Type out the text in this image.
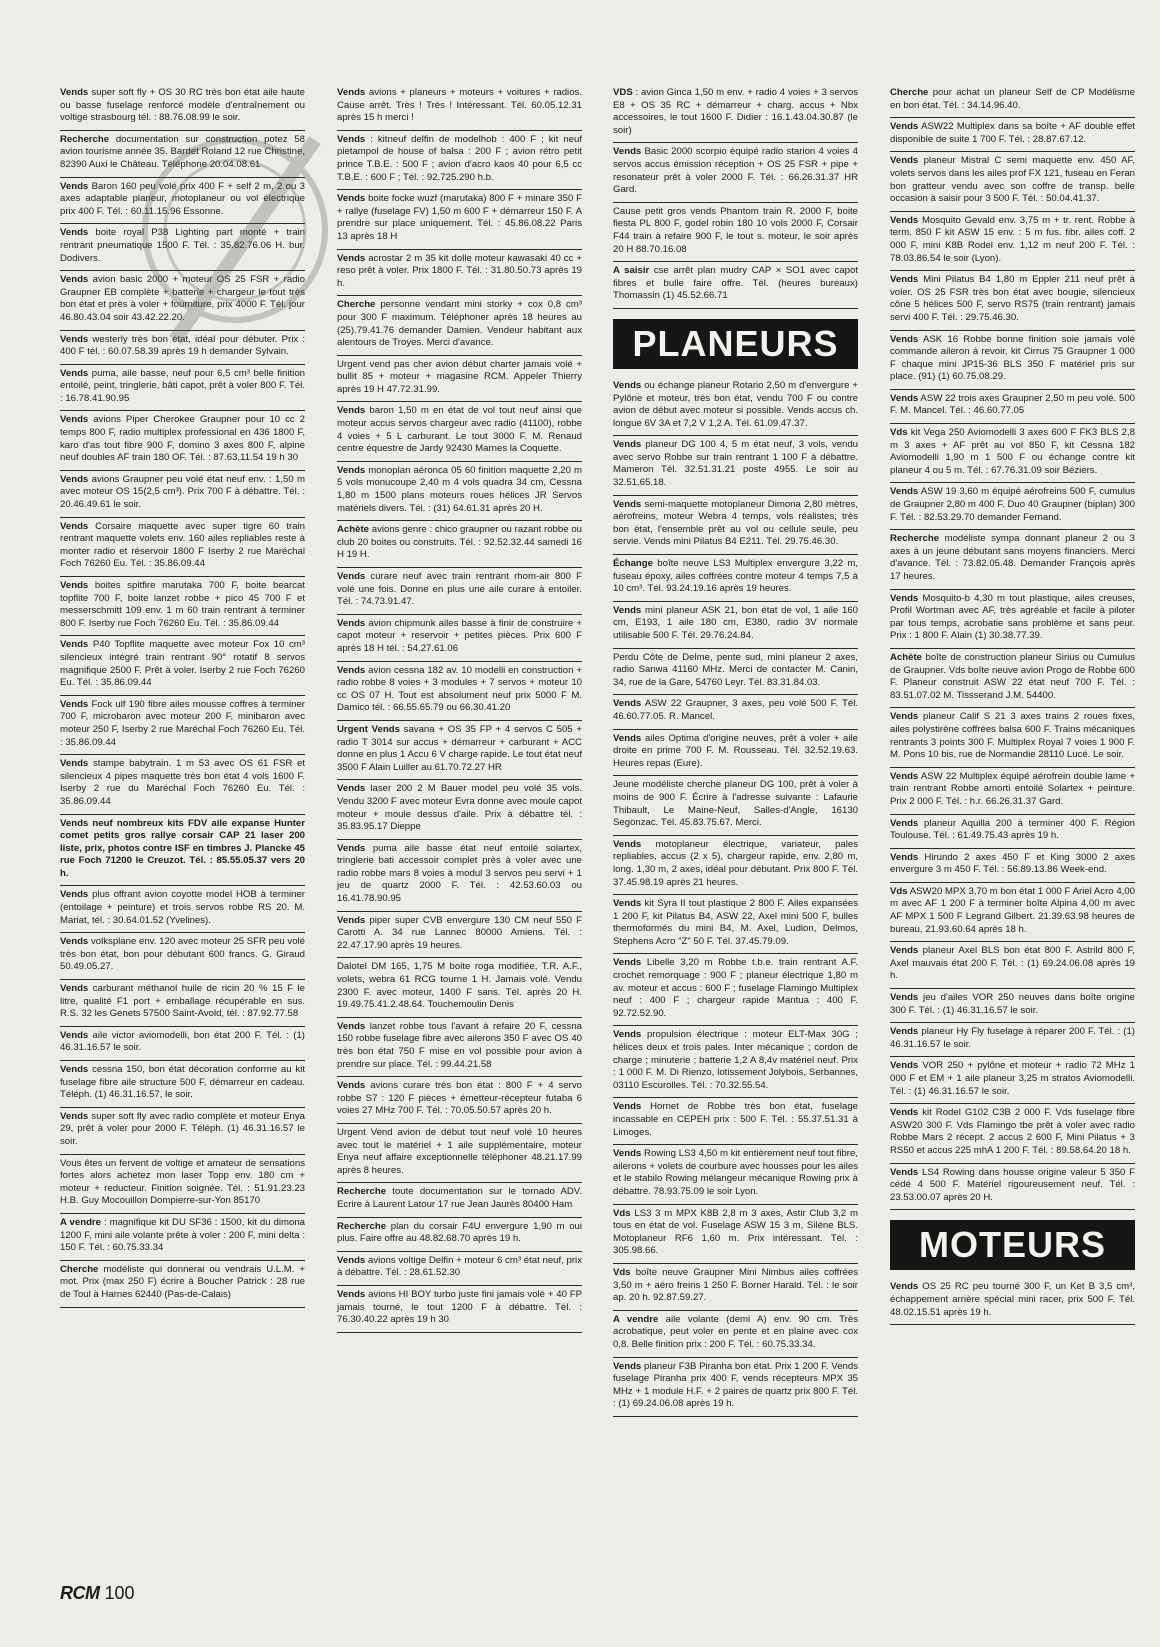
Vends super soft fly + OS 30 RC très bon état aile haute ou basse fuselage renforcé modèle d'entraînement ou voltige strasbourg tél. : 88.76.08.99 le soir.
Recherche documentation sur construction potez 58 avion tourisme année 35. Bardet Roland 12 rue Christine, 82390 Auxi le Château. Téléphone 20.04.08.61
Vends Baron 160 peu volé prix 400 F + self 2 m, 2 ou 3 axes adaptable planeur, motoplaneur ou vol électrique prix 400 F. Tél. : 60.11.15.96 Essonne.
Vends boite royal P38 Lighting part monté + train rentrant pneumatique 1500 F. Tél. : 35.82.76.06 H. bur. Dodivers.
Vends avion basic 2000 + moteur OS 25 FSR + radio Graupner EB complète + batterie + chargeur le tout très bon état et près à voler + fourniture, prix 4000 F. Tél. jour 46.80.43.04 soir 43.42.22.20.
Vends westerly très bon état, idéal pour débuter. Prix : 400 F tél. : 60.07.58.39 après 19 h demander Sylvain.
Vends puma, aile basse, neuf pour 6,5 cm³ belle finition entoilé, peint, tringlerie, bâti capot, prêt à voler 800 F. Tél. : 16.78.41.90.95
Vends avions Piper Cherokee Graupner pour 10 cc 2 temps 800 F, radio multiplex professional en 436 1800 F, karo d'as tout fibre 900 F, domino 3 axes 800 F, alpine neuf doubles AF train 180 OF. Tél. : 87.63.11.54 19 h 30
Vends avions Graupner peu volé état neuf env. : 1,50 m avec moteur OS 15(2,5 cm³). Prix 700 F à débattre. Tél. : 20.46.49.61 le soir.
Vends Corsaire maquette avec super tigre 60 train rentrant maquette volets env. 160 ailes repliables reste à monter radio et réservoir 1800 F Iserby 2 rue Maréchal Foch 76260 Eu. Tél. : 35.86.09.44
Vends boites spitfire marutaka 700 F, boite bearcat topflite 700 F, boite lanzet robbe + pico 45 700 F et messerschmitt 109 env. 1 m 60 train rentrant à terminer 800 F. Iserby rue Foch 76260 Eu. Tél. : 35.86.09.44
Vends P40 Topflite maquette avec moteur Fox 10 cm³ silencieux intégré train rentrant 90° rotatif 8 servos magnifique 2500 F. Prêt à voler. Iserby 2 rue Foch 76260 Eu. Tél. : 35.86.09.44
Vends Fock ulf 190 fibre ailes mousse coffres à terminer 700 F, microbaron avec moteur 200 F, minibaron avec moteur 250 F, Iserby 2 rue Maréchal Foch 76260 Eu. Tél. : 35.86.09.44
Vends stampe babytrain. 1 m 53 avec OS 61 FSR et silencieux 4 pipes maquette très bon état 4 vols 1600 F. Iserby 2 rue du Maréchal Foch 76260 Eu. Tél. : 35.86.09.44
Vends neuf nombreux kits FDV aile expanse Hunter comet petits gros rallye corsair CAP 21 laser 200 liste, prix, photos contre ISF en timbres J. Plancke 45 rue Foch 71200 le Creuzot. Tél. : 85.55.05.37 vers 20 h.
Vends plus offrant avion coyotte model HOB à terminer (entoilage + peinture) et trois servos robbe RS 20. M. Mariat, tél. : 30.64.01.52 (Yvelines).
Vends volksplane env. 120 avec moteur 25 SFR peu volé très bon état, bon pour débutant 600 francs. G. Giraud 50.49.05.27.
Vends carburant méthanol huile de ricin 20 % 15 F le litre, qualité F1 port + emballage récupérable en sus. R.S. 32 les Genets 57500 Saint-Avold, tél. : 87.92.77.58
Vends aile victor aviomodelli, bon état 200 F. Tél. : (1) 46.31.16.57 le soir.
Vends cessna 150, bon état décoration conforme au kit fuselage fibre aile structure 500 F, démarreur en cadeau. Téléph. (1) 46.31.16.57, le soir.
Vends super soft fly avec radio complète et moteur Enya 29, prêt à voler pour 2000 F. Téléph. (1) 46.31.16.57 le soir.
Vous êtes un fervent de voltige et amateur de sensations fortes alors achetez mon laser Topp env. 180 cm + moteur + reducteur. Finition soignée. Tél. : 51.91.23.23 H.B. Guy Mocouillon Dompierre-sur-Yon 85170
A vendre : magnifique kit DU SF36 : 1500, kit du dimona 1200 F, mini aile volante prête à voler : 200 F, mini delta : 150 F. Tél. : 60.75.33.34
Cherche modéliste qui donnerai ou vendrais U.L.M. + mot. Prix (max 250 F) écrire à Boucher Patrick : 28 rue de Toul à Harnes 62440 (Pas-de-Calais)
Vends avions + planeurs + moteurs + voitures + radios. Cause arrêt. Très ! Très ! Intéressant. Tél. 60.05.12.31 après 15 h merci !
Vends : kitneuf delfin de modelhob : 400 F ; kit neuf pietampol de house of balsa : 200 F ; avion rétro petit prince T.B.E. : 500 F ; avion d'acro kaos 40 pour 6,5 cc T.B.E. : 600 F ; Tél. : 92.725.290 h.b.
Vends boite focke wuzf (marutaka) 800 F + minare 350 F + rallye (fuselage FV) 1,50 m 600 F + démarreur 150 F. A prendre sur place uniquement. Tél. : 45.86.08.22 Paris 13 après 18 H
Vends acrostar 2 m 35 kit dolle moteur kawasaki 40 cc + reso prêt à voler. Prix 1800 F. Tél. : 31.80.50.73 après 19 h.
Cherche personne vendant mini storky + cox 0,8 cm³ pour 300 F maximum. Téléphoner après 18 heures au (25).79.41.76 demander Damien. Vendeur habitant aux alentours de Troyes. Merci d'avance.
Urgent vend pas cher avion début charter jamais volé + bullit 85 + moteur + magasine RCM. Appeler Thierry après 19 H 47.72.31.99.
Vends baron 1,50 m en état de vol tout neuf ainsi que moteur accus servos chargeur avec radio (41100), robbe 4 voies + 5 L carburant. Le tout 3000 F. M. Renaud centre équestre de Jardy 92430 Marnes la Coquette.
Vends monoplan aéronca 05 60 finition maquette 2,20 m 5 vols monucoupe 2,40 m 4 vols quadra 34 cm, Cessna 1,80 m 1500 plans moteurs roues hélices JR Servos matériels divers. Tél. : (31) 64.61.31 après 20 H.
Achète avions genre : chico graupner ou razant robbe ou club 20 boites ou construits. Tél. : 92.52.32.44 samedi 16 H 19 H.
Vends curare neuf avec train rentrant rhom-air 800 F volé une fois. Donne en plus une aile curare à entoiler. Tél. : 74.73.91.47.
Vends avion chipmunk ailes basse à finir de construire + capot moteur + reservoir + petites pièces. Prix 600 F après 18 H tél. : 54.27.61.06
Vends avion cessna 182 av. 10 modelli en construction + radio robbe 8 voies + 3 modules + 7 servos + moteur 10 cc OS 07 H. Tout est absolument neuf prix 5000 F M. Damico tél. : 66.55.65.79 ou 66.30.41.20
Urgent Vends savana + OS 35 FP + 4 servos C 505 + radio T 3014 sur accus + démarreur + carburant + ACC donne en plus 1 Accu 6 V charge rapide. Le tout état neuf 3500 F Alain Luiller au 61.70.72.27 HR
Vends laser 200 2 M Bauer model peu volé 35 vols. Vendu 3200 F avec moteur Evra donne avec moule capot moteur + moule dessus d'aile. Prix à débattre tél. : 35.83.95.17 Dieppe
Vends puma aile basse état neuf entoilé solartex, tringlerie bati accessoir complet près à voler avec une radio robbe mars 8 voies à modul 3 servos peu servi + 1 jeu de quartz 2000 F. Tél. : 42.53.60.03 ou 16.41.78.90.95
Vends piper super CVB envergure 130 CM neuf 550 F Carotti A. 34 rue Lannec 80000 Amiens. Tél. : 22.47.17.90 après 19 heures.
Dalotel DM 165, 1,75 M boite roga modifiée, T.R. A.F., volets, webra 61 RCG tourne 1 H. Jamais volé. Vendu 2300 F. avec moteur, 1400 F sans. Tél. après 20 H. 19.49.75.41.2.48.64. Touchemoulin Denis
Vends lanzet robbe tous l'avant à refaire 20 F, cessna 150 robbe fuselage fibre avec ailerons 350 F avec OS 40 très bon état 750 F mise en vol possible pour avion à prendre sur place. Tél. : 99.44.21.58
Vends avions curare très bon état : 800 F + 4 servo robbe S7 : 120 F pièces + émetteur-récepteur futaba 6 voies 27 MHz 700 F. Tél. : 70.05.50.57 après 20 h.
Urgent Vend avion de début tout neuf volé 10 heures avec tout le matériel + 1 aile supplémentaire, moteur Enya neuf affaire exceptionnelle téléphoner 48.21.17.99 après 8 heures.
Recherche toute documentation sur le tornado ADV. Ecrire à Laurent Latour 17 rue Jean Jaurès 80400 Ham
Recherche plan du corsair F4U envergure 1,90 m oui plus. Faire offre au 48.82.68.70 après 19 h.
Vends avions voltige Delfin + moteur 6 cm³ état neuf, prix à débattre. Tél. : 28.61.52.30
Vends avions HI BOY turbo juste fini jamais volé + 40 FP jamais tourné, le tout 1200 F à débattre. Tél. : 76.30.40.22 après 19 h 30
VDS : avion Ginca 1,50 m env. + radio 4 voies + 3 servos E8 + OS 35 RC + démarreur + charg. accus + Nbx accessoires, le tout 1600 F. Didier : 16.1.43.04.30.87 (le soir)
Vends Basic 2000 scorpio équipé radio starion 4 voies 4 servos accus émission réception + OS 25 FSR + pipe + resonateur prêt à voler 2000 F. Tél. : 66.26.31.37 HR Gard.
Cause petit gros vends Phantom train R. 2000 F, boite fiesta PL 800 F, godel robin 180 10 vols 2000 F, Corsair F44 train à refaire 900 F, le tout s. moteur, le soir après 20 H 88.70.16.08
A saisir cse arrêt plan mudry CAP × SO1 avec capot fibres et bulle faire offre. Tél. (heures bureaux) Thomassin (1) 45.52.66.71
PLANEURS
Vends ou échange planeur Rotario 2,50 m d'envergure + Pylône et moteur, très bon état, vendu 700 F ou contre avion de début avec moteur si possible. Vends accus ch. longue 6V 3A et 7,2 V 1,2 A. Tél. 61.09.47.37.
Vends planeur DG 100 4, 5 m état neuf, 3 vols, vendu avec servo Robbe sur train rentrant 1 100 F à débattre. Mameron Tél. 32.51.31.21 poste 4955. Le soir au 32.51.65.18.
Vends semi-maquette motoplaneur Dimona 2,80 mètres, aérofreins, moteur Webra 4 temps, vols réalistes, très bon état, l'ensemble prêt au vol ou cellule seule, peu servie. Vends mini Pilatus B4 E211. Tél. 29.75.46.30.
Échange boîte neuve LS3 Multiplex envergure 3,22 m, fuseau époxy, ailes coffrées contre moteur 4 temps 7,5 à 10 cm³. Tél. 93.24.19.16 après 19 heures.
Vends mini planeur ASK 21, bon état de vol, 1 aile 160 cm, E193, 1 aile 180 cm, E380, radio 3V normale utilisable 500 F. Tél. 29.76.24.84.
Perdu Côte de Delme, pente sud, mini planeur 2 axes, radio Sanwa 41160 MHz. Merci de contacter M. Canin, 34, rue de la Gare, 54760 Leyr. Tél. 83.31.84.03.
Vends ASW 22 Graupner, 3 axes, peu volé 500 F. Tél. 46.60.77.05. R. Mancel.
Vends ailes Optima d'origine neuves, prêt à voler + aile droite en prime 700 F. M. Rousseau. Tél. 32.52.19.63. Heures repas (Eure).
Jeune modéliste cherche planeur DG 100, prêt à voler à moins de 900 F. Écrire à l'adresse suivante : Lafaurie Thibault, Le Maine-Neuf, Salles-d'Angle, 16130 Segonzac. Tél. 45.83.75.67. Merci.
Vends motoplaneur électrique, variateur, pales repliables, accus (2 x 5), chargeur rapide, env. 2,80 m, long. 1,30 m, 2 axes, idéal pour débutant. Prix 800 F. Tél. 37.45.98.19 après 21 heures.
Vends kit Syra II tout plastique 2 800 F. Ailes expansées 1 200 F, kit Pilatus B4, ASW 22, Axel mini 500 F, bulles thermoformés du mini B4, M. Axel, Ludion, Delmos, Stephens Acro "Z" 50 F. Tél. 37.45.79.09.
Vends Libelle 3,20 m Robbe t.b.e. train rentrant A.F. crochet remorquage : 900 F ; planeur électrique 1,80 m av. moteur et accus : 600 F ; fuselage Flamingo Multiplex neuf : 400 F ; chargeur rapide Mantua : 400 F. 92.72.52.90.
Vends propulsion électrique : moteur ELT-Max 30G ; hélices deux et trois pales. Inter mécanique ; cordon de charge ; minuterie ; batterie 1,2 A 8,4v matériel neuf. Prix : 1 000 F. M. Di Rienzo, lotissement Jolybois, Serbannes, 03110 Escurolles. Tél. : 70.32.55.54.
Vends Hornet de Robbe très bon état, fuselage incassable en CEPEH prix : 500 F. Tél. : 55.37.51.31 à Limoges.
Vends Rowing LS3 4,50 m kit entièrement neuf tout fibre, ailerons + volets de courbure avec housses pour les ailes et le stabilo Rowing mélangeur mécanique Rowing prix à débattre. 78.93.75.09 le soir Lyon.
Vds LS3 3 m MPX K8B 2,8 m 3 axes, Astir Club 3,2 m tous en état de vol. Fuselage ASW 15 3 m, Silène BLS. Motoplaneur RF6 1,60 m. Prix intéressant. Tél. : 305.98.66.
Vds boîte neuve Graupner Mini Nimbus ailes coffrées 3,50 m + aéro freins 1 250 F. Borner Harald. Tél. : le soir ap. 20 h. 92.87.59.27.
A vendre aile volante (demi A) env. 90 cm. Très acrobatique, peut voler en pente et en plaine avec cox 0,8. Belle finition prix : 200 F. Tél. : 60.75.33.34.
Vends planeur F3B Piranha bon état. Prix 1 200 F. Vends fuselage Piranha prix 400 F, vends récepteurs MPX 35 MHz + 1 module H.F. + 2 paires de quartz prix 800 F. Tél. : (1) 69.24.06.08 après 19 h.
Cherche pour achat un planeur Self de CP Modélisme en bon état. Tél. : 34.14.96.40.
Vends ASW22 Multiplex dans sa boîte + AF double effet disponible de suite 1 700 F. Tél. : 28.87.67.12.
Vends planeur Mistral C semi maquette env. 450 AF, volets servos dans les ailes prof FX 121, fuseau en Feran bon gratteur vendu avec son coffre de transp. belle occasion à saisir pour 3 500 F. Tél. : 50.04.41.37.
Vends Mosquito Gevald env. 3,75 m + tr. rent. Robbe à term. 850 F kit ASW 15 env. : 5 m fus. fibr. ailes coff. 2 000 F, mini K8B Rodel env. 1,12 m neuf 200 F. Tél. : 78.03.86.54 le soir (Lyon).
Vends Mini Pilatus B4 1,80 m Eppler 211 neuf prêt à voler. OS 25 FSR très bon état avec bougie, silencieux cône 5 hélices 500 F, servo RS75 (train rentrant) jamais servi 400 F. Tél. : 29.75.46.30.
Vends ASK 16 Robbe bonne finition soie jamais volé commande aileron à revoir, kit Cirrus 75 Graupner 1 000 F chaque mini JP15-36 BLS 350 F matériel pris sur place. (91) (1) 60.75.08.29.
Vends ASW 22 trois axes Graupner 2,50 m peu volé. 500 F. M. Mancel. Tél. : 46.60.77.05
Vds kit Vega 250 Aviomodelli 3 axes 600 F FK3 BLS 2,8 m 3 axes + AF prêt au vol 850 F, kit Cessna 182 Aviomodelli 1,90 m 1 500 F ou échange contre kit planeur 4 ou 5 m. Tél. : 67.76.31.09 soir Béziers.
Vends ASW 19 3,60 m équipé aérofreins 500 F, cumulus de Graupner 2,80 m 400 F. Duo 40 Graupner (biplan) 300 F. Tél. : 82.53.29.70 demander Fernand.
Recherche modéliste sympa donnant planeur 2 ou 3 axes à un jeune débutant sans moyens financiers. Merci d'avance. Tél. : 73.82.05.48. Demander François après 17 heures.
Vends Mosquito-b 4,30 m tout plastique, ailes creuses, Profil Wortman avec AF, très agréable et facile à piloter par tous temps, acrobatie sans problème et sans peur. Prix : 1 800 F. Alain (1) 30.38.77.39.
Achète boîte de construction planeur Sirius ou Cumulus de Graupner. Vds boîte neuve avion Progo de Robbe 600 F. Planeur construit ASW 22 état neuf 700 F. Tél. : 83.51.07.02 M. Tissserand J.M. 54400.
Vends planeur Calif S 21 3 axes trains 2 roues fixes, ailes polystirène coffrées balsa 600 F. Trains mécaniques rentrants 3 points 300 F. Multiplex Royal 7 voies 1 900 F. M. Pons 10 bis, rue de Normandie 28110 Lucé. Le soir.
Vends ASW 22 Multiplex équipé aérofrein double lame + train rentrant Robbe amorti entoilé Solartex + peinture. Prix 2 000 F. Tél. : h.r. 66.26.31.37 Gard.
Vends planeur Aquilla 200 à terminer 400 F. Région Toulouse. Tél. : 61.49.75.43 après 19 h.
Vends Hirundo 2 axes 450 F et King 3000 2 axes envergure 3 m 450 F. Tél. : 56.89.13.86 Week-end.
Vds ASW20 MPX 3,70 m bon état 1 000 F Ariel Acro 4,00 m avec AF 1 200 F à terminer boîte Alpina 4,00 m avec AF MPX 1 500 F Legrand Gilbert. 21.39.63.98 heures de bureau, 21.93.60.64 après 18 h.
Vends planeur Axel BLS bon état 800 F. Astrild 800 F, Axel mauvais état 200 F. Tél. : (1) 69.24.06.08 après 19 h.
Vends jeu d'ailes VOR 250 neuves dans boîte origine 300 F. Tél. : (1) 46.31.16.57 le soir.
Vends planeur Hy Fly fuselage à réparer 200 F. Tél. : (1) 46.31.16.57 le soir.
Vends VOR 250 + pylône et moteur + radio 72 MHz 1 000 F et EM + 1 aile planeur 3,25 m stratos Aviomodelli. Tél. : (1) 46.31.16.57 le soir.
Vends kit Rodel G102 C3B 2 000 F. Vds fuselage fibre ASW20 300 F. Vds Flamingo tbe prêt à voler avec radio Robbe Mars 2 récept. 2 accus 2 600 F, Mini Pilatus + 3 RS50 et accus 225 mhA 1 200 F. Tél. : 89.58.64.20 18 h.
Vends LS4 Rowing dans housse origine valeur 5 350 F cédé 4 500 F. Matériel rigoureusement neuf. Tél. : 23.53.00.07 après 20 H.
MOTEURS
Vends OS 25 RC peu tourné 300 F, un Ket B 3,5 cm³, échappement arrière spécial mini racer, prix 500 F. Tél. 48.02.15.51 après 19 h.
RCM 100
